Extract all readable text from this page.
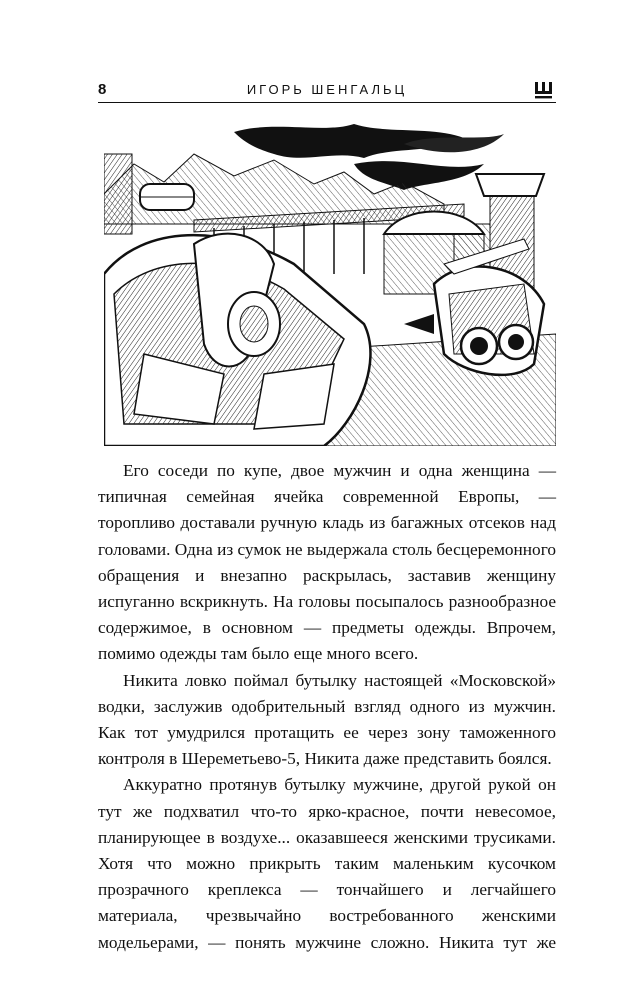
8	ИГОРЬ ШЕНГАЛЬЦ

Его соседи по купе, двое мужчин и одна женщина — типичная семейная ячейка современной Европы, — торопливо доставали ручную кладь из багажных отсеков над головами. Одна из сумок не выдержала столь бесцеремонного обращения и внезапно раскрылась, заставив женщину испуганно вскрикнуть. На головы посыпалось разнообразное содержимое, в основном — предметы одежды. Впрочем, помимо одежды там было еще много всего.

Никита ловко поймал бутылку настоящей «Московской» водки, заслужив одобрительный взгляд одного из мужчин. Как тот умудрился протащить ее через зону таможенного контроля в Шереметьево-5, Никита даже представить боялся.

Аккуратно протянув бутылку мужчине, другой рукой он тут же подхватил что-то ярко-красное, почти невесомое, планирующее в воздухе... оказавшееся женскими трусиками. Хотя что можно прикрыть таким маленьким кусочком прозрачного креплекса — тончайшего и легчайшего материала, чрезвычайно востребованного женскими модельерами, — понять мужчине сложно. Никита тут же
